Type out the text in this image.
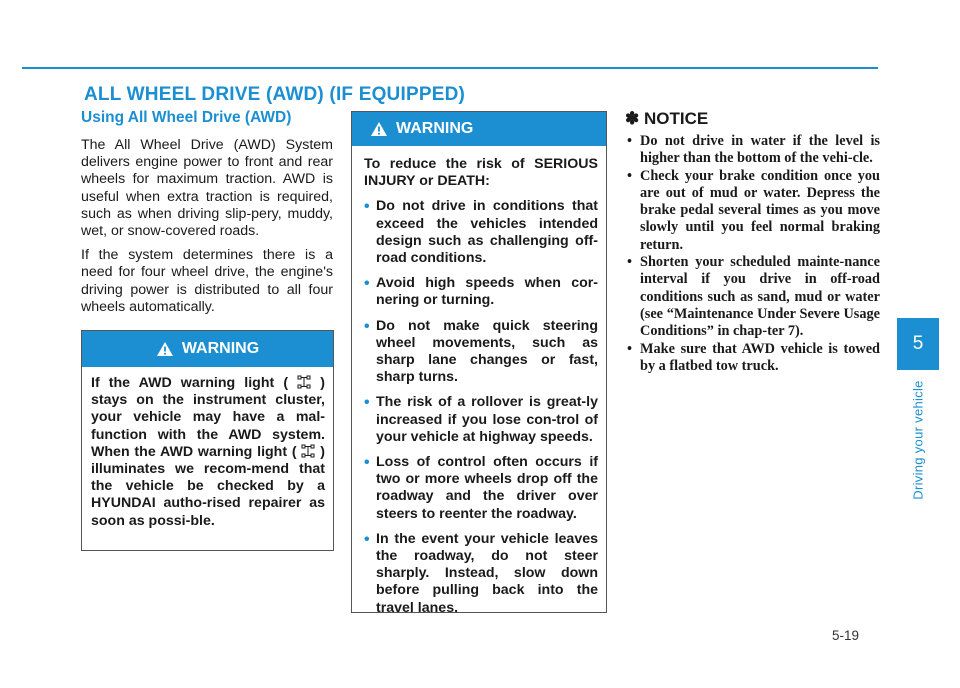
ALL WHEEL DRIVE (AWD) (IF EQUIPPED)
Using All Wheel Drive (AWD)

The All Wheel Drive (AWD) System delivers engine power to front and rear wheels for maximum traction. AWD is useful when extra traction is required, such as when driving slip-pery, muddy, wet, or snow-covered roads.

If the system determines there is a need for four wheel drive, the engine's driving power is distributed to all four wheels automatically.

WARNING
If the AWD warning light ( ) stays on the instrument cluster, your vehicle may have a mal-function with the AWD system. When the AWD warning light ( ) illuminates we recom-mend that the vehicle be checked by a HYUNDAI autho-rised repairer as soon as possi-ble.
WARNING

To reduce the risk of SERIOUS INJURY or DEATH:

• Do not drive in conditions that exceed the vehicles intended design such as challenging off-road conditions.
• Avoid high speeds when cor-nering or turning.
• Do not make quick steering wheel movements, such as sharp lane changes or fast, sharp turns.
• The risk of a rollover is great-ly increased if you lose con-trol of your vehicle at highway speeds.
• Loss of control often occurs if two or more wheels drop off the roadway and the driver over steers to reenter the roadway.
• In the event your vehicle leaves the roadway, do not steer sharply. Instead, slow down before pulling back into the travel lanes.
✽ NOTICE
• Do not drive in water if the level is higher than the bottom of the vehi-cle.
• Check your brake condition once you are out of mud or water. Depress the brake pedal several times as you move slowly until you feel normal braking return.
• Shorten your scheduled mainte-nance interval if you drive in off-road conditions such as sand, mud or water (see “Maintenance Under Severe Usage Conditions” in chap-ter 7).
• Make sure that AWD vehicle is towed by a flatbed tow truck.
5
Driving your vehicle

5-19
